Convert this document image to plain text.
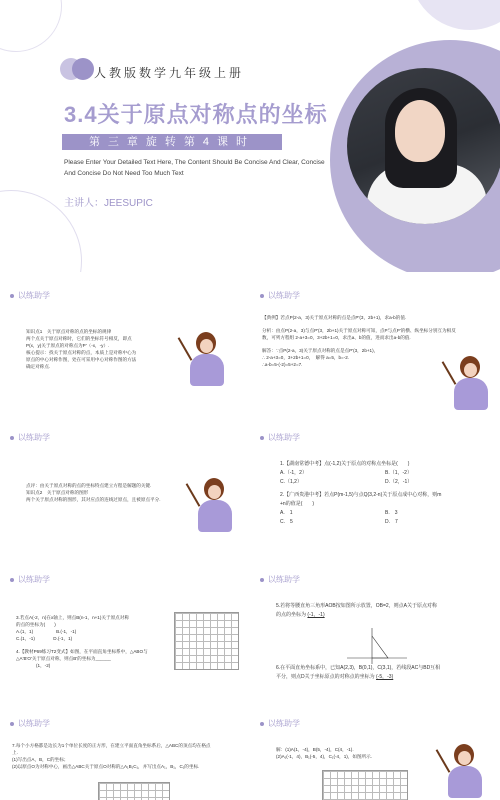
人教版数学九年级上册
3.4关于原点对称点的坐标
第三章旋转第4课时
Please Enter Your Detailed Text Here, The Content Should Be Concise And Clear, Concise And Concise Do Not Need Too Much Text
主讲人：JEESUPIC
以练助学

知识点1　关于原点对称的点的坐标的规律

两个点关于原点对称时，它们的坐标符号相反，即点

P(x，y)关于原点的对称点为P'（-x，-y）.

核心提示：找关于原点对称的点，本质上是对称中心为

原点的中心对称作图，处在可采用中心对称作图的方法

确定对称点.

以练助学

【典例】若点P(2-a，3)关于原点对称的点是点P'(3，2b+1)，求a-b的值.

分析：由点P(2-a，3)与点P'(3，2b+1)关于原点对称可知，点P与点P'的横、纵坐标分别互为相反

数，可列方程组 2-a+3=0，3+2b+1=0，求出a、b的值，进而求出a-b的值.

解答：∵点P(2-a，3)关于原点对称的点是点P'(3，2b+1)，

∴ 2-a+3=0，3+2b+1=0，　解得 a=5，b=-2.

∴a-b=5-(-2)=5+2=7.

以练助学

点评：由关于原点对称的点的坐标特点建立方程是解题的关键.

知识点2　关于原点对称的图形

两个关于原点对称的图形，其对应点的连线过原点，且被原点平分.

以练助学

1.【湖南常德中考】点(-1,2)关于原点的对称点坐标是(　　)

A.（-1，2）	B.（1，-2）
C.（1,2）	D.（2，-1）

2.【广西贵港中考】若点P(m-1,5)与点Q(3,2-n)关于原点成中心对称，则m

+n的值是(　　)

A.　1	B.　3
C.　5	D.　7
以练助学

3.若点A(-2，n)在x轴上，则点B(n-1，n+1)关于原点对称

的点的坐标为(　　)

A.(1，1)　　　　　B.(-1，-1)

C.(1，-1)　　　　D.(-1，1)

4.【教材P69练习T2变式】如图，在平面直角坐标系中，△ABO与

△A'B'O'关于原点对称，则点B'的坐标为______

(1，-2)

以练助学

5.若将等腰直角三角形AOB按如图所示放置，OB=2，则点A关于原点对称

的点的坐标为 (-1，-1)

6.在平面直角坐标系中，已知A(2,3)，B(0,1)，C(3,1)，若线段AC与BD互相

平分，则点D关于坐标原点的对称点的坐标为 (-5，-3)

以练助学

7.每个小方格都是边长为1个单位长度的正方形，在建立平面直角坐标系后，△ABC的顶点均在格点

上.

(1)写出点A，B，C的坐标；

(2)以原点O为对称中心，画出△ABC关于原点O对称的△A₁B₁C₁，并写出点A₁，B₁，C₁的坐标.

以练助学

解：(1)A(1，-4)，B(5，-4)，C(4，-1).

(2)A₁(-1，4)，B₁(-5，4)，C₁(-4，1)，如图所示.
